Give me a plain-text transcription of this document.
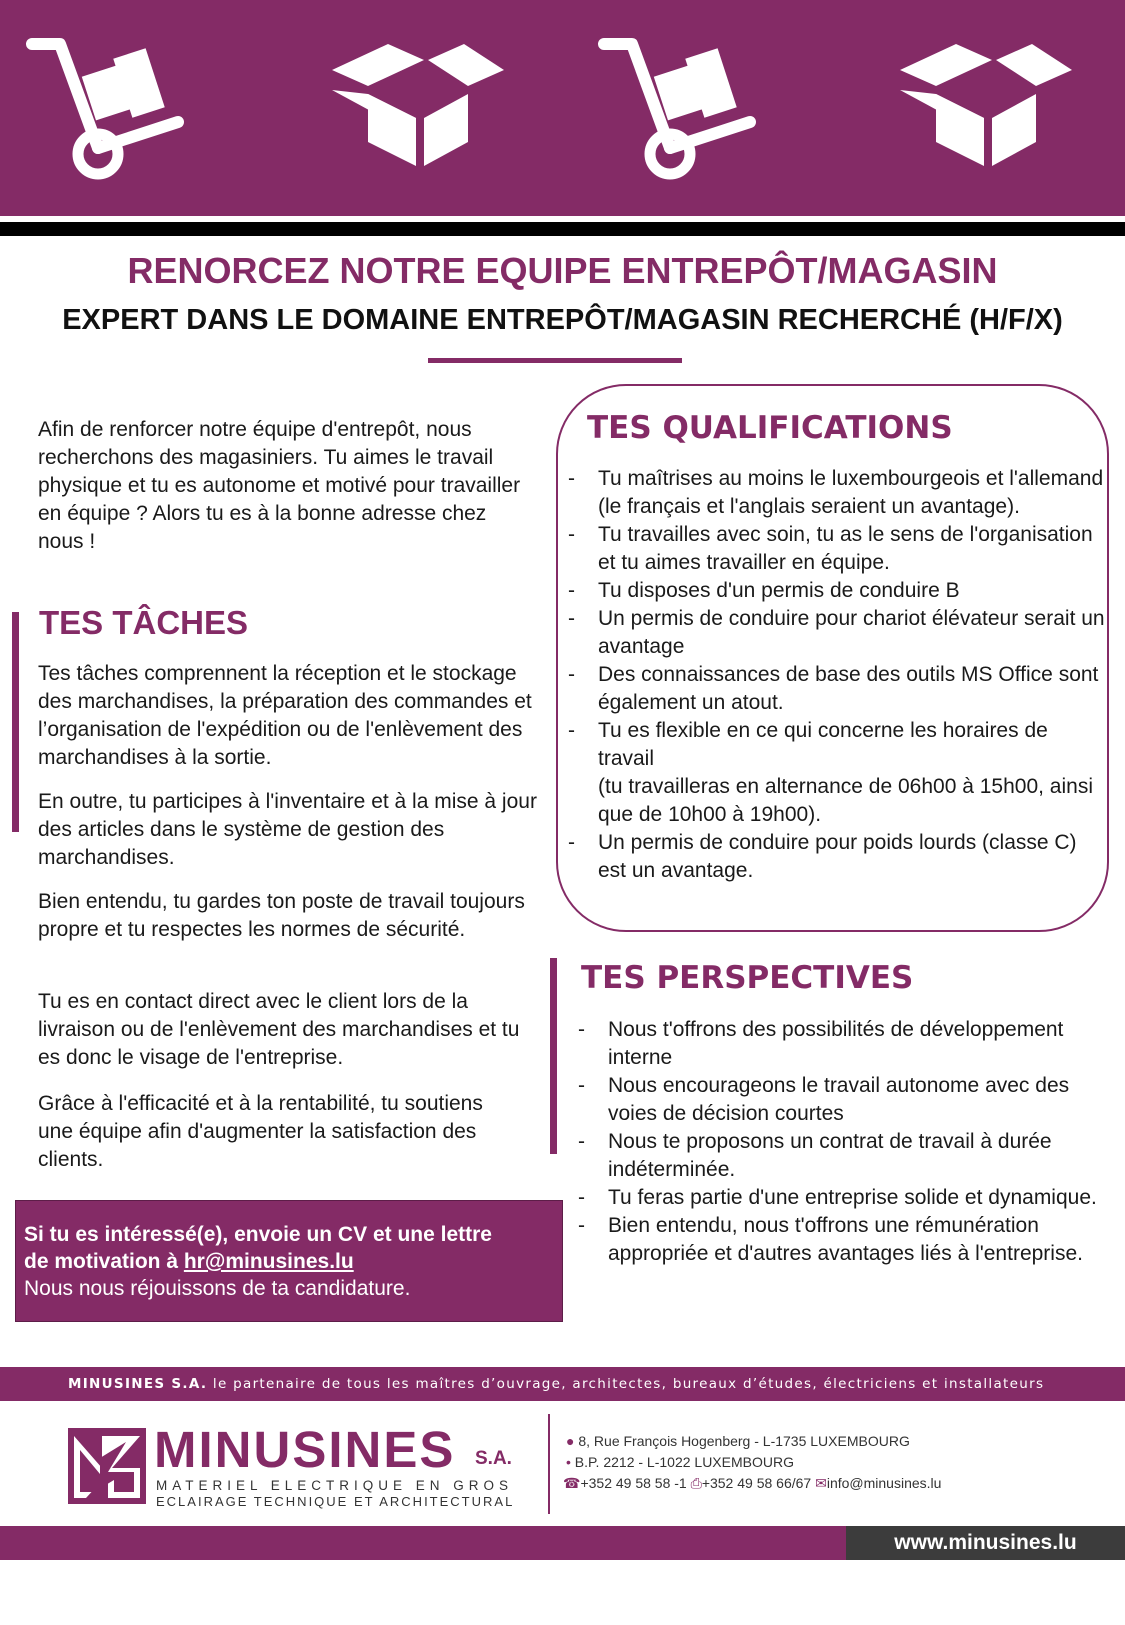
RENORCEZ NOTRE EQUIPE ENTREPÔT/MAGASIN
EXPERT DANS LE DOMAINE ENTREPÔT/MAGASIN RECHERCHÉ (H/F/X)
Afin de renforcer notre équipe d'entrepôt, nous recherchons des magasiniers. Tu aimes le travail physique et tu es autonome et motivé pour travailler en équipe ? Alors tu es à la bonne adresse chez nous !
TES TÂCHES
Tes tâches comprennent la réception et le stockage des marchandises, la préparation des commandes et l’organisation de l'expédition ou de l'enlèvement des marchandises à la sortie.
En outre, tu participes à l'inventaire et à la mise à jour des articles dans le système de gestion des marchandises.
Bien entendu, tu gardes ton poste de travail toujours propre et tu respectes les normes de sécurité.
Tu es en contact direct avec le client lors de la livraison ou de l'enlèvement des marchandises et tu es donc le visage de l'entreprise.
Grâce à l'efficacité et à la rentabilité, tu soutiens une équipe afin d'augmenter la satisfaction des clients.
TES QUALIFICATIONS
- Tu maîtrises au moins le luxembourgeois et l'allemand (le français et l'anglais seraient un avantage).
- Tu travailles avec soin, tu as le sens de l'organisation et tu aimes travailler en équipe.
- Tu disposes d'un permis de conduire B
- Un permis de conduire pour chariot élévateur serait un avantage
- Des connaissances de base des outils MS Office sont également un atout.
- Tu es flexible en ce qui concerne les horaires de travail
(tu travailleras en alternance de 06h00 à 15h00, ainsi que de 10h00 à 19h00).
- Un permis de conduire pour poids lourds (classe C) est un avantage.
TES PERSPECTIVES
- Nous t'offrons des possibilités de développement interne
- Nous encourageons le travail autonome avec des voies de décision courtes
- Nous te proposons un contrat de travail à durée indéterminée.
- Tu feras partie d'une entreprise solide et dynamique.
- Bien entendu, nous t'offrons une rémunération appropriée et d'autres avantages liés à l'entreprise.
Si tu es intéressé(e), envoie un CV et une lettre
de motivation à hr@minusines.lu
Nous nous réjouissons de ta candidature.
MINUSINES S.A. le partenaire de tous les maîtres d’ouvrage, architectes, bureaux d’études, électriciens et installateurs
MINUSINES S.A.
MATERIEL ELECTRIQUE EN GROS
ECLAIRAGE TECHNIQUE ET ARCHITECTURAL
● 8, Rue François Hogenberg - L-1735 LUXEMBOURG
• B.P. 2212 - L-1022 LUXEMBOURG
☎+352 49 58 58 -1 ⎙+352 49 58 66/67 ✉info@minusines.lu
www.minusines.lu
